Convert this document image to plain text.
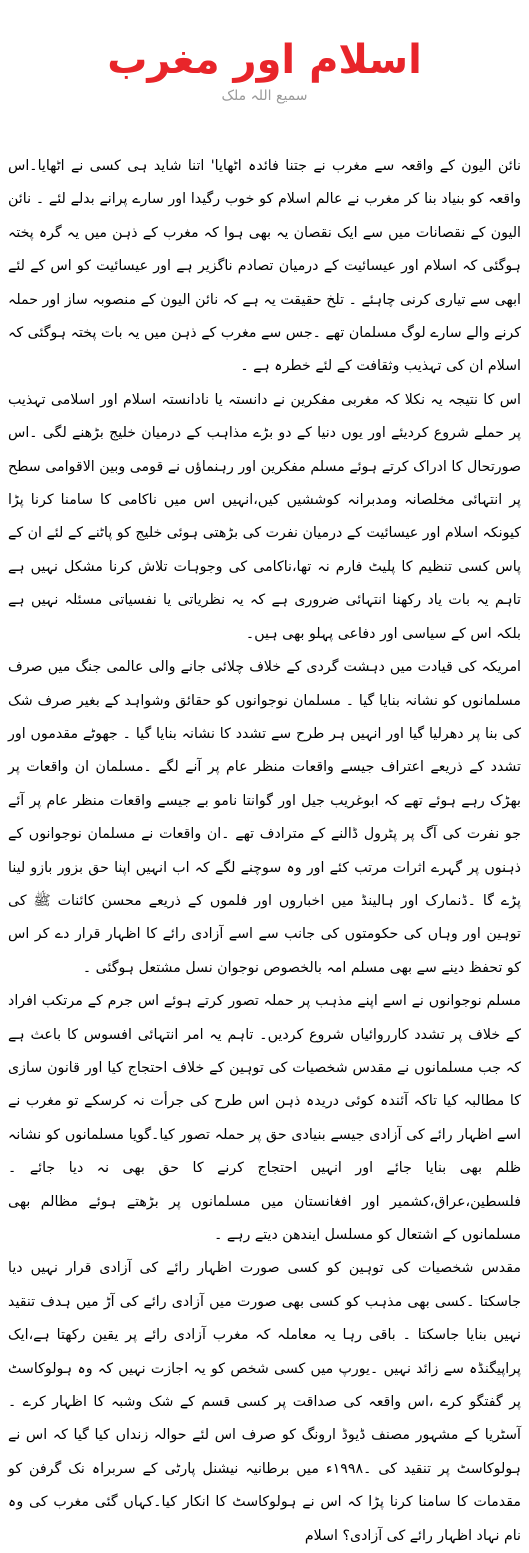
اسلام اور مغرب
سمیع اللہ ملک

نائن الیون کے واقعہ سے مغرب نے جتنا فائدہ اٹھایا' اتنا شاید ہی کسی نے اٹھایا۔اس واقعہ کو بنیاد بنا کر مغرب نے عالم اسلام کو خوب رگیدا اور سارے پرانے بدلے لئے ۔ نائن الیون کے نقصانات میں سے ایک نقصان یہ بھی ہوا کہ مغرب کے ذہن میں یہ گرہ پختہ ہوگئی کہ اسلام اور عیسائیت کے درمیان تصادم ناگزیر ہے اور عیسائیت کو اس کے لئے ابھی سے تیاری کرنی چاہئے ۔ تلخ حقیقت یہ ہے کہ نائن الیون کے منصوبہ ساز اور حملہ کرنے والے سارے لوگ مسلمان تھے ۔جس سے مغرب کے ذہن میں یہ بات پختہ ہوگئی کہ اسلام ان کی تہذیب وثقافت کے لئے خطرہ ہے ۔

اس کا نتیجہ یہ نکلا کہ مغربی مفکرین نے دانستہ یا نادانستہ اسلام اور اسلامی تہذیب پر حملے شروع کردیئے اور یوں دنیا کے دو بڑے مذاہب کے درمیان خلیج بڑھنے لگی ۔اس صورتحال کا ادراک کرتے ہوئے مسلم مفکرین اور رہنماؤں نے قومی وبین الاقوامی سطح پر انتہائی مخلصانہ ومدبرانہ کوششیں کیں،انہیں اس میں ناکامی کا سامنا کرنا پڑا کیونکہ اسلام اور عیسائیت کے درمیان نفرت کی بڑھتی ہوئی خلیج کو پاٹنے کے لئے ان کے پاس کسی تنظیم کا پلیٹ فارم نہ تھا،ناکامی کی وجوہات تلاش کرنا مشکل نہیں ہے تاہم یہ بات یاد رکھنا انتہائی ضروری ہے کہ یہ نظریاتی یا نفسیاتی مسئلہ نہیں ہے بلکہ اس کے سیاسی اور دفاعی پہلو بھی ہیں۔

امریکہ کی قیادت میں دہشت گردی کے خلاف چلائی جانے والی عالمی جنگ میں صرف مسلمانوں کو نشانہ بنایا گیا ۔ مسلمان نوجوانوں کو حقائق وشواہد کے بغیر صرف شک کی بنا پر دھرلیا گیا اور انہیں ہر طرح سے تشدد کا نشانہ بنایا گیا ۔ جھوٹے مقدموں اور تشدد کے ذریعے اعتراف جیسے واقعات منظر عام پر آنے لگے ۔مسلمان ان واقعات پر بھڑک رہے ہوئے تھے کہ ابوغریب جیل اور گوانتا نامو بے جیسے واقعات منظر عام پر آئے جو نفرت کی آگ پر پٹرول ڈالنے کے مترادف تھے ۔ان واقعات نے مسلمان نوجوانوں کے ذہنوں پر گہرے اثرات مرتب کئے اور وہ سوچنے لگے کہ اب انہیں اپنا حق بزور بازو لینا پڑے گا ۔ڈنمارک اور ہالینڈ میں اخباروں اور فلموں کے ذریعے محسن کائنات ﷺ کی توہین اور وہاں کی حکومتوں کی جانب سے اسے آزادی رائے کا اظہار قرار دے کر اس کو تحفظ دینے سے بھی مسلم امہ بالخصوص نوجوان نسل مشتعل ہوگئی ۔

مسلم نوجوانوں نے اسے اپنے مذہب پر حملہ تصور کرتے ہوئے اس جرم کے مرتکب افراد کے خلاف پر تشدد کارروائیاں شروع کردیں۔ تاہم یہ امر انتہائی افسوس کا باعث ہے کہ جب مسلمانوں نے مقدس شخصیات کی توہین کے خلاف احتجاج کیا اور قانون سازی کا مطالبہ کیا تاکہ آئندہ کوئی دریدہ ذہن اس طرح کی جرأت نہ کرسکے تو مغرب نے اسے اظہار رائے کی آزادی جیسے بنیادی حق پر حملہ تصور کیا۔گویا مسلمانوں کو نشانہ ظلم بھی بنایا جائے اور انہیں احتجاج کرنے کا حق بھی نہ دیا جائے ۔ فلسطین،عراق،کشمیر اور افغانستان میں مسلمانوں پر بڑھتے ہوئے مظالم بھی مسلمانوں کے اشتعال کو مسلسل ایندھن دیتے رہے ۔

مقدس شخصیات کی توہین کو کسی صورت اظہار رائے کی آزادی قرار نہیں دیا جاسکتا ۔کسی بھی مذہب کو کسی بھی صورت میں آزادی رائے کی آڑ میں ہدف تنقید نہیں بنایا جاسکتا ۔ باقی رہا یہ معاملہ کہ مغرب آزادی رائے پر یقین رکھتا ہے،ایک پراپیگنڈہ سے زائد نہیں ۔یورپ میں کسی شخص کو یہ اجازت نہیں کہ وہ ہولوکاسٹ پر گفتگو کرے ،اس واقعہ کی صداقت پر کسی قسم کے شک وشبہ کا اظہار کرے ۔ آسٹریا کے مشہور مصنف ڈیوڈ ارونگ کو صرف اس لئے حوالہ زنداں کیا گیا کہ اس نے ہولوکاسٹ پر تنقید کی ۔١٩٩٨ء میں برطانیہ نیشنل پارٹی کے سربراہ نک گرفن کو مقدمات کا سامنا کرنا پڑا کہ اس نے ہولوکاسٹ کا انکار کیا۔کہاں گئی مغرب کی وہ نام نہاد اظہار رائے کی آزادی؟ اسلام
